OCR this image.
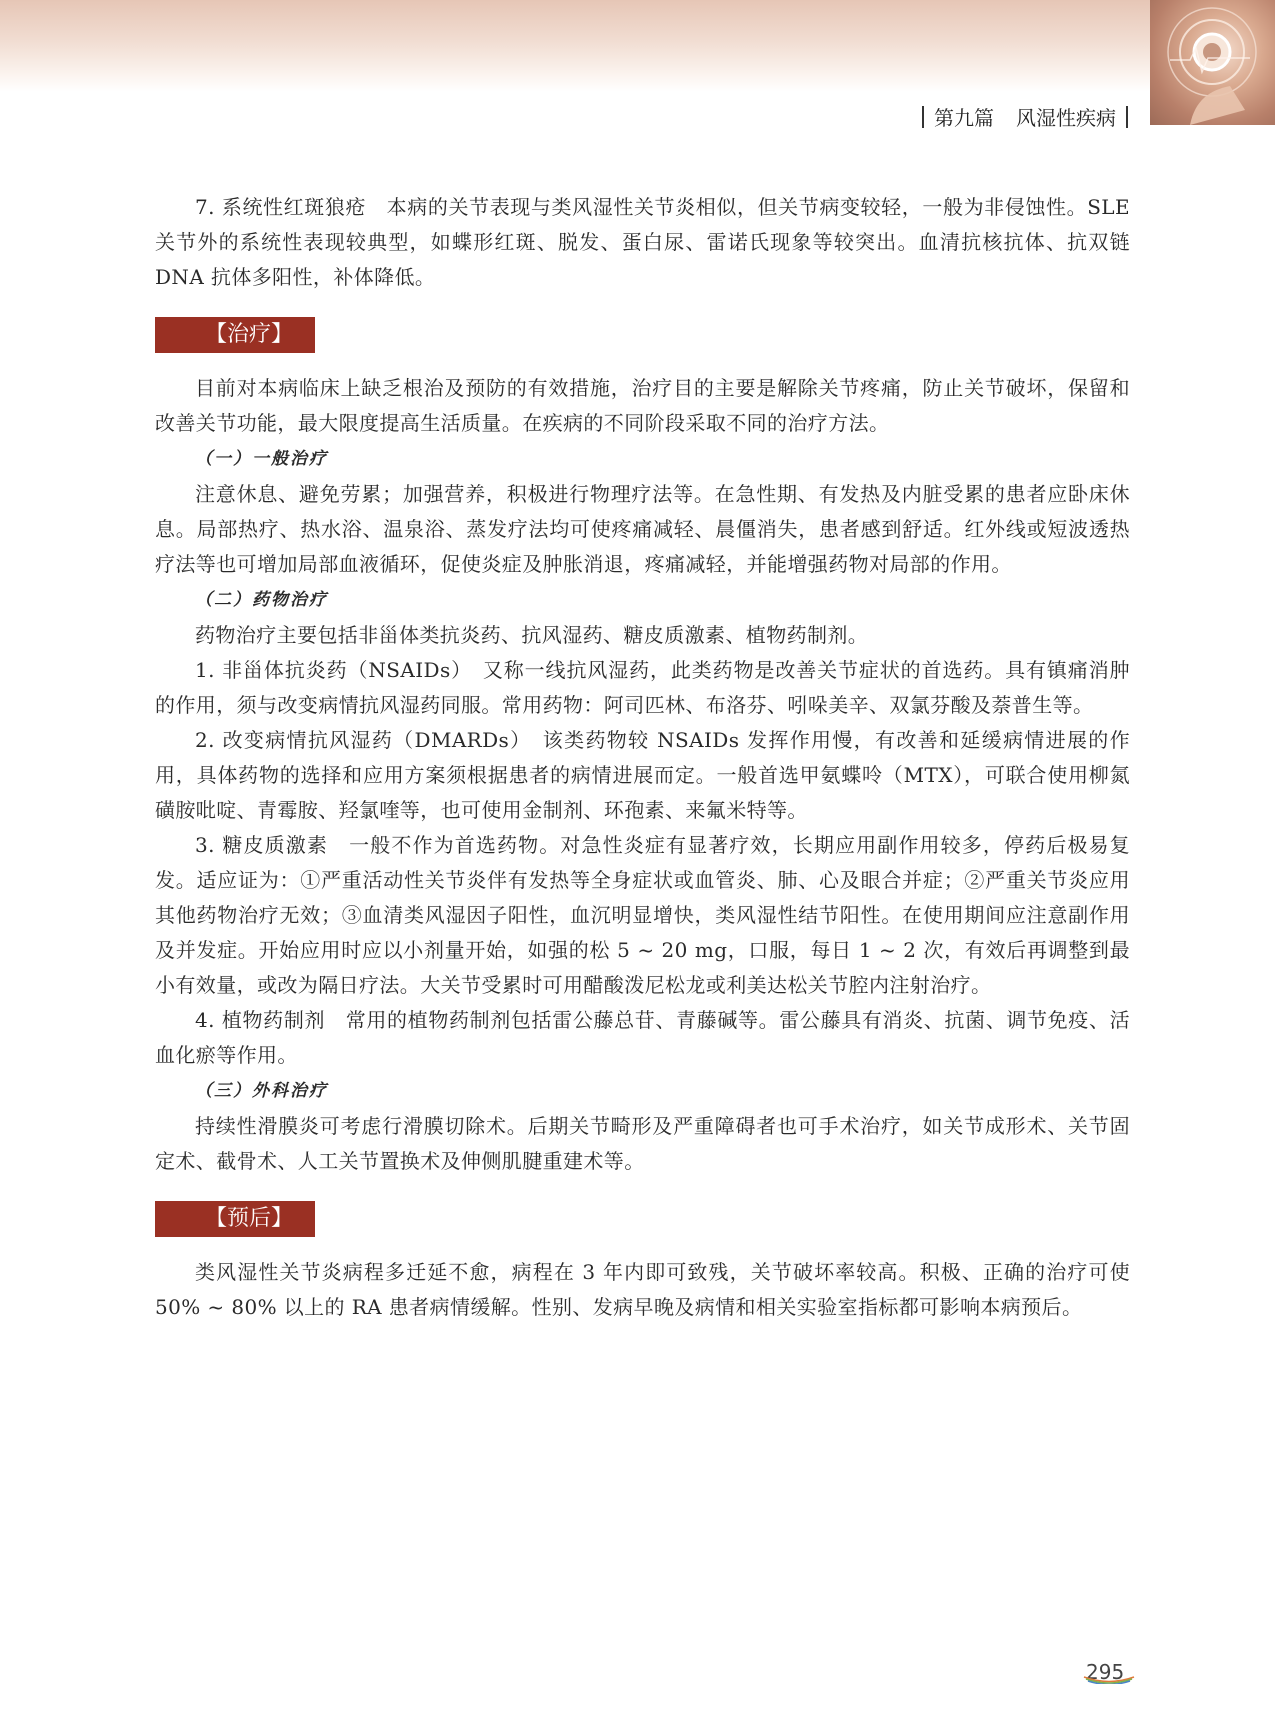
第九篇 风湿性疾病

7. 系统性红斑狼疮　本病的关节表现与类风湿性关节炎相似，但关节病变较轻，一般为非侵蚀性。SLE 关节外的系统性表现较典型，如蝶形红斑、脱发、蛋白尿、雷诺氏现象等较突出。血清抗核抗体、抗双链 DNA 抗体多阳性，补体降低。

【治疗】

目前对本病临床上缺乏根治及预防的有效措施，治疗目的主要是解除关节疼痛，防止关节破坏，保留和改善关节功能，最大限度提高生活质量。在疾病的不同阶段采取不同的治疗方法。

（一）一般治疗

注意休息、避免劳累；加强营养，积极进行物理疗法等。在急性期、有发热及内脏受累的患者应卧床休息。局部热疗、热水浴、温泉浴、蒸发疗法均可使疼痛减轻、晨僵消失，患者感到舒适。红外线或短波透热疗法等也可增加局部血液循环，促使炎症及肿胀消退，疼痛减轻，并能增强药物对局部的作用。

（二）药物治疗

药物治疗主要包括非甾体类抗炎药、抗风湿药、糖皮质激素、植物药制剂。

1. 非甾体抗炎药（NSAIDs）　又称一线抗风湿药，此类药物是改善关节症状的首选药。具有镇痛消肿的作用，须与改变病情抗风湿药同服。常用药物：阿司匹林、布洛芬、吲哚美辛、双氯芬酸及萘普生等。

2. 改变病情抗风湿药（DMARDs）　该类药物较 NSAIDs 发挥作用慢，有改善和延缓病情进展的作用，具体药物的选择和应用方案须根据患者的病情进展而定。一般首选甲氨蝶呤（MTX），可联合使用柳氮磺胺吡啶、青霉胺、羟氯喹等，也可使用金制剂、环孢素、来氟米特等。

3. 糖皮质激素　一般不作为首选药物。对急性炎症有显著疗效，长期应用副作用较多，停药后极易复发。适应证为：①严重活动性关节炎伴有发热等全身症状或血管炎、肺、心及眼合并症；②严重关节炎应用其他药物治疗无效；③血清类风湿因子阳性，血沉明显增快，类风湿性结节阳性。在使用期间应注意副作用及并发症。开始应用时应以小剂量开始，如强的松 5 ~ 20 mg，口服，每日 1 ~ 2 次，有效后再调整到最小有效量，或改为隔日疗法。大关节受累时可用醋酸泼尼松龙或利美达松关节腔内注射治疗。

4. 植物药制剂　常用的植物药制剂包括雷公藤总苷、青藤碱等。雷公藤具有消炎、抗菌、调节免疫、活血化瘀等作用。

（三）外科治疗

持续性滑膜炎可考虑行滑膜切除术。后期关节畸形及严重障碍者也可手术治疗，如关节成形术、关节固定术、截骨术、人工关节置换术及伸侧肌腱重建术等。

【预后】

类风湿性关节炎病程多迁延不愈，病程在 3 年内即可致残，关节破坏率较高。积极、正确的治疗可使 50% ~ 80% 以上的 RA 患者病情缓解。性别、发病早晚及病情和相关实验室指标都可影响本病预后。

295
